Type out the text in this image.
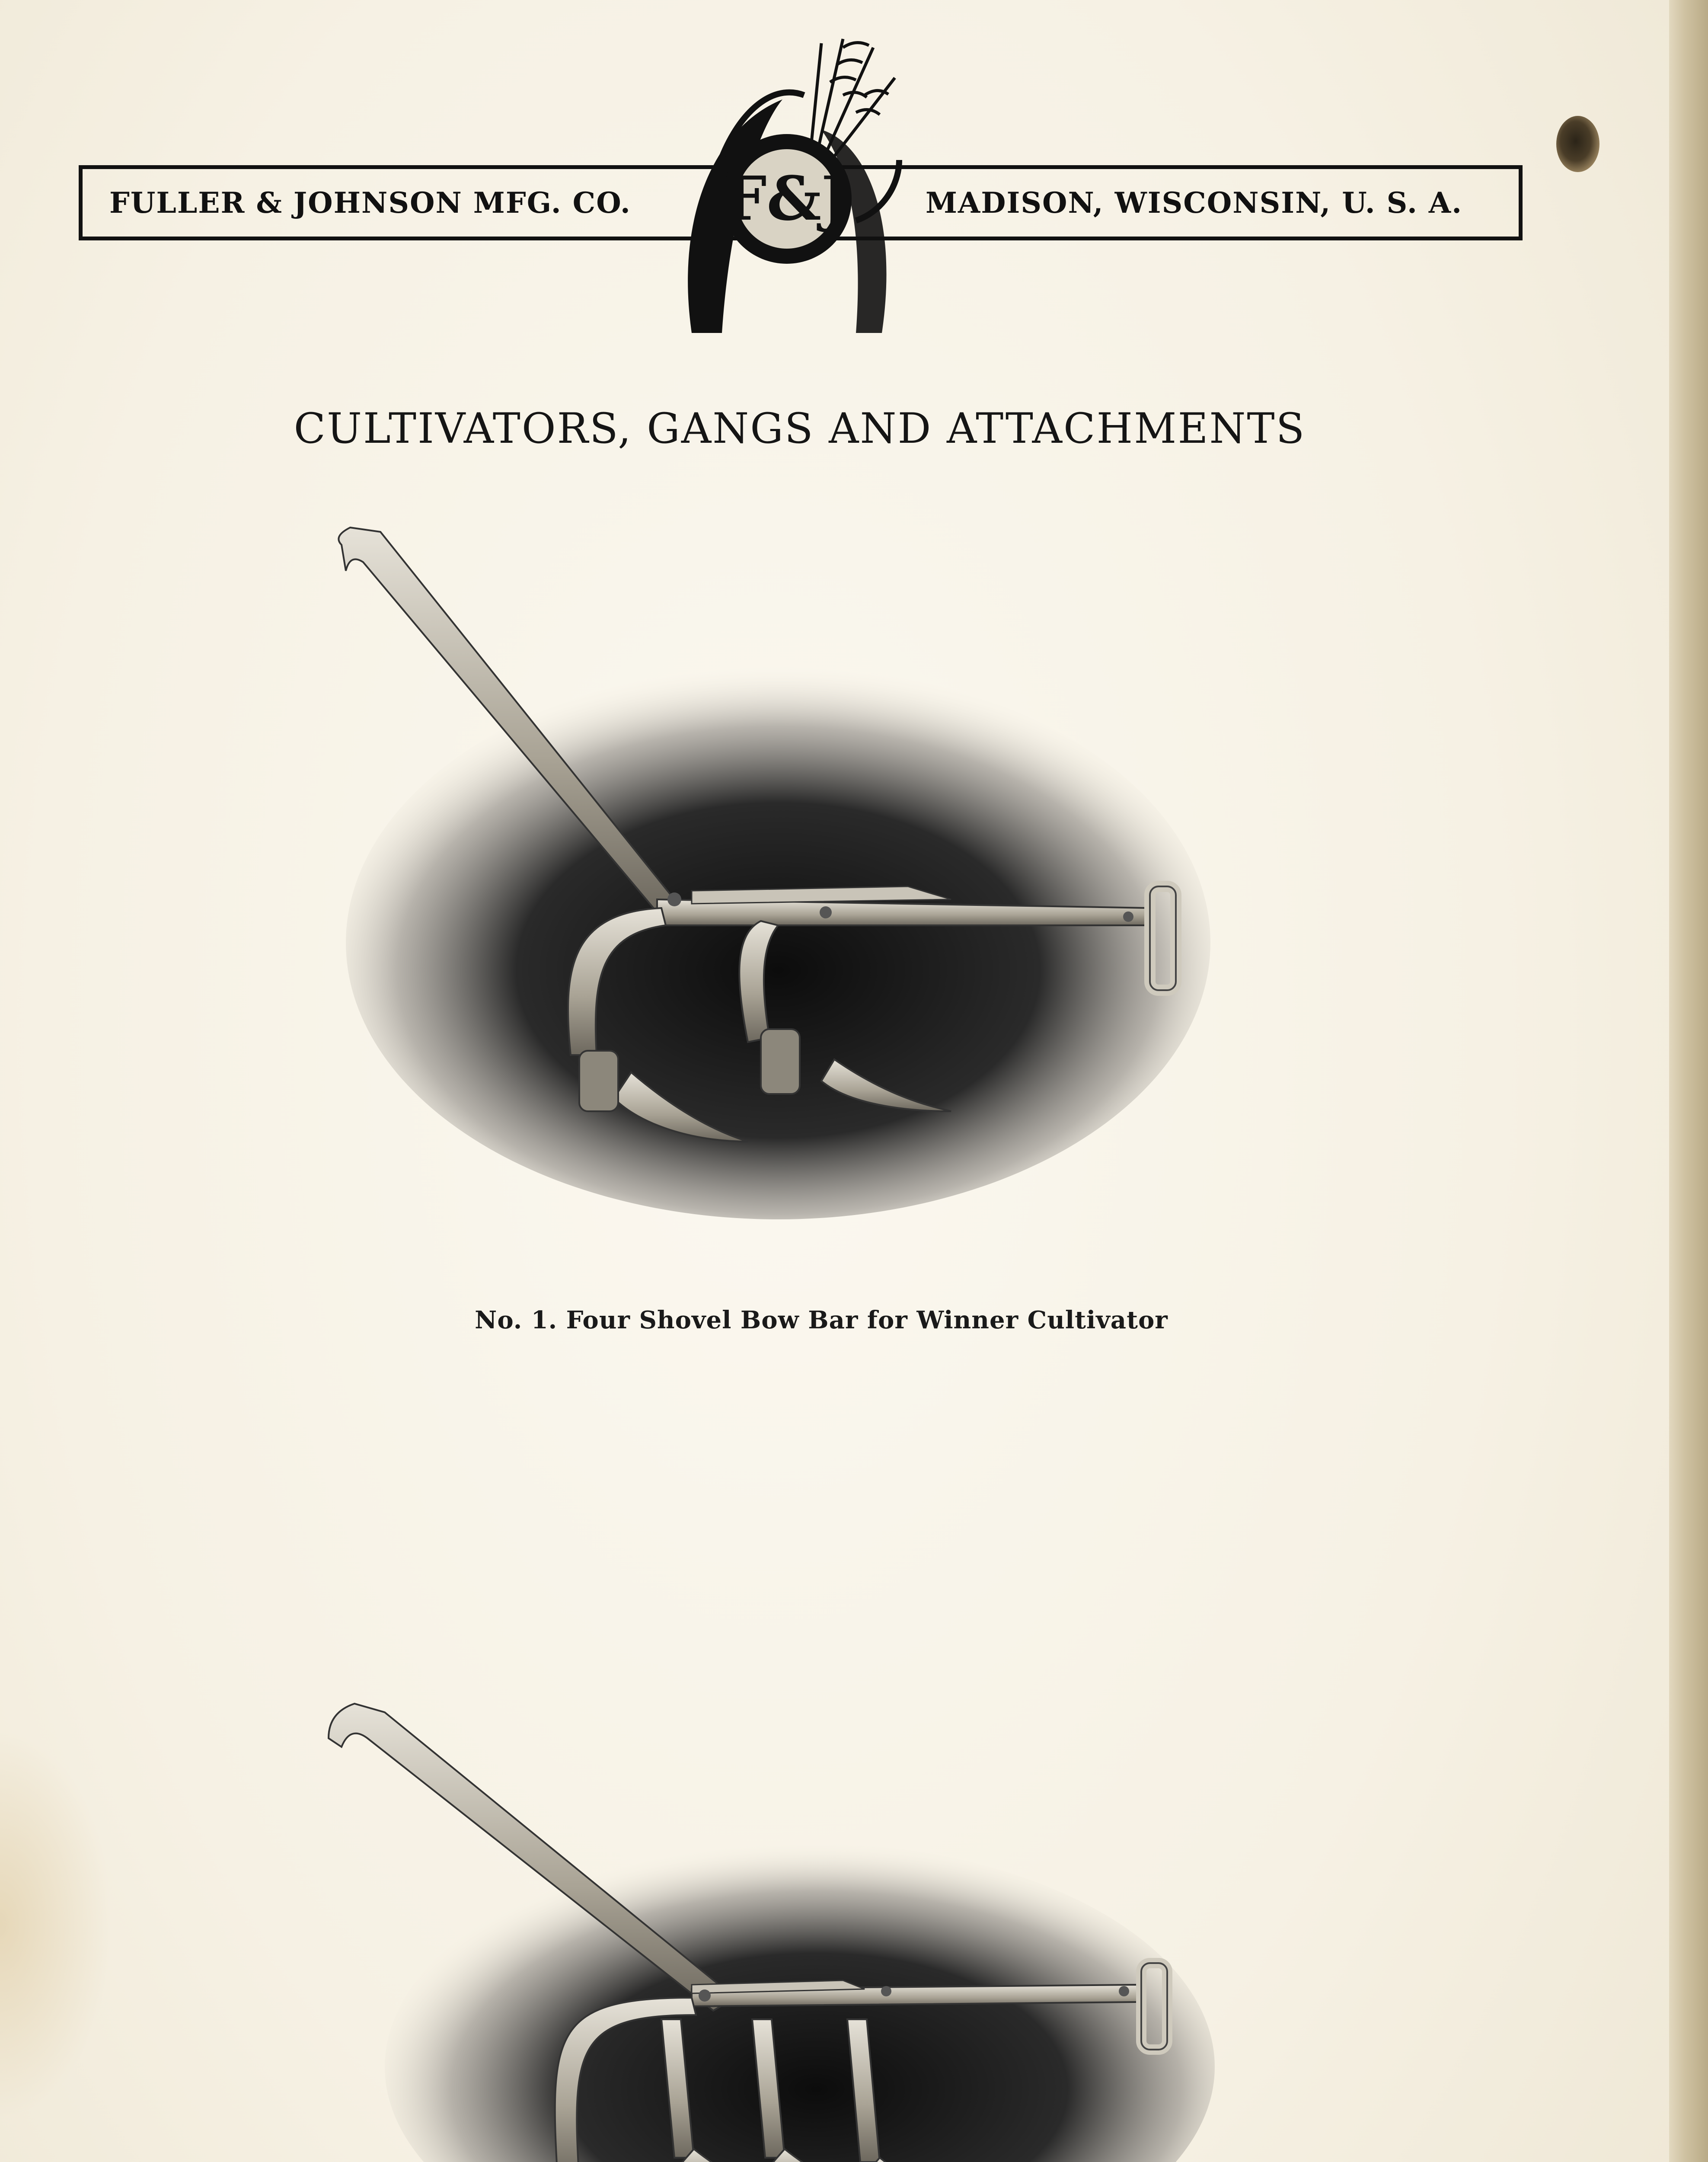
FULLER & JOHNSON MFG. CO.	MADISON, WISCONSIN, U. S. A.
F&J
CULTIVATORS, GANGS AND ATTACHMENTS
No. 1. Four Shovel Bow Bar for Winner Cultivator
